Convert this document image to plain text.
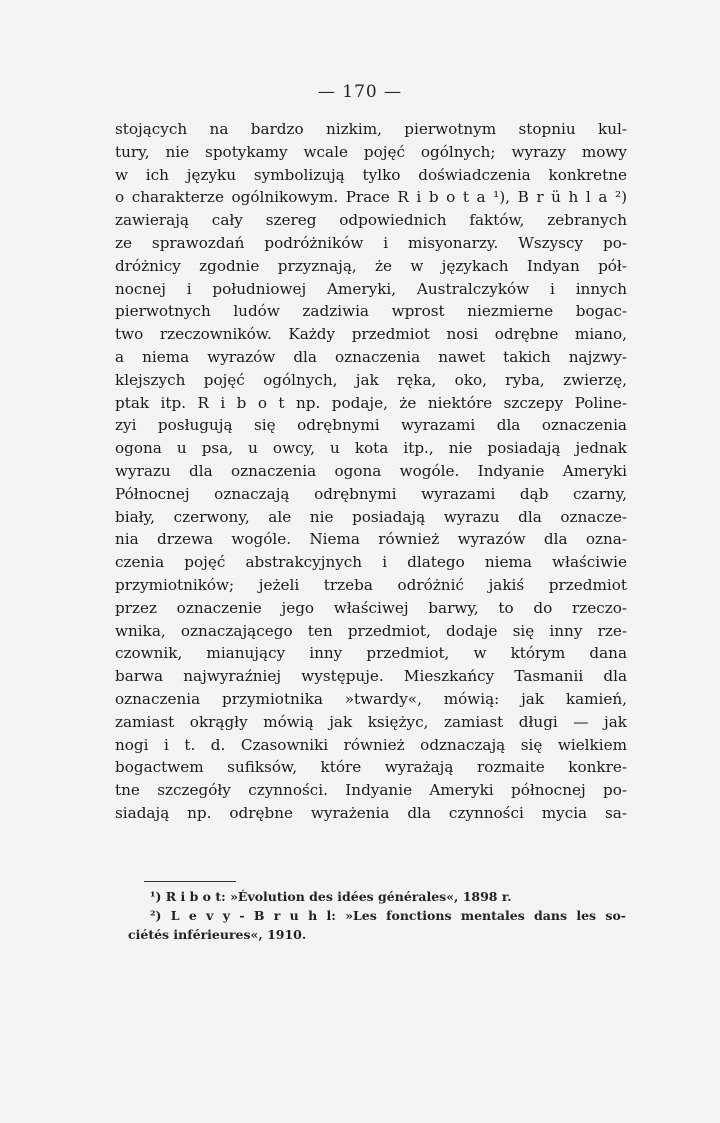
— 170 —
stojących na bardzo nizkim, pierwotnym stopniu kul-
tury, nie spotykamy wcale pojęć ogólnych; wyrazy mowy
w ich języku symbolizują tylko doświadczenia konkretne
o charakterze ogólnikowym. Prace R i b o t a ¹), B r ü h l a ²)
zawierają cały szereg odpowiednich faktów, zebranych
ze sprawozdań podróżników i misyonarzy. Wszyscy po-
dróżnicy zgodnie przyznają, że w językach Indyan pół-
nocnej i południowej Ameryki, Australczyków i innych
pierwotnych ludów zadziwia wprost niezmierne bogac-
two rzeczowników. Każdy przedmiot nosi odrębne miano,
a niema wyrazów dla oznaczenia nawet takich najzwy-
klejszych pojęć ogólnych, jak ręka, oko, ryba, zwierzę,
ptak itp. R i b o t np. podaje, że niektóre szczepy Poline-
zyi posługują się odrębnymi wyrazami dla oznaczenia
ogona u psa, u owcy, u kota itp., nie posiadają jednak
wyrazu dla oznaczenia ogona wogóle. Indyanie Ameryki
Północnej oznaczają odrębnymi wyrazami dąb czarny,
biały, czerwony, ale nie posiadają wyrazu dla oznacze-
nia drzewa wogóle. Niema również wyrazów dla ozna-
czenia pojęć abstrakcyjnych i dlatego niema właściwie
przymiotników; jeżeli trzeba odróżnić jakiś przedmiot
przez oznaczenie jego właściwej barwy, to do rzeczo-
wnika, oznaczającego ten przedmiot, dodaje się inny rze-
czownik, mianujący inny przedmiot, w którym dana
barwa najwyraźniej występuje. Mieszkańcy Tasmanii dla
oznaczenia przymiotnika »twardy«, mówią: jak kamień,
zamiast okrągły mówią jak księżyc, zamiast długi — jak
nogi i t. d. Czasowniki również odznaczają się wielkiem
bogactwem sufiksów, które wyrażają rozmaite konkre-
tne szczegóły czynności. Indyanie Ameryki północnej po-
siadają np. odrębne wyrażenia dla czynności mycia sa-
¹) R i b o t: »Évolution des idées générales«, 1898 r.
²) L e v y - B r u h l: »Les fonctions mentales dans les so-
ciétés inférieures«, 1910.
